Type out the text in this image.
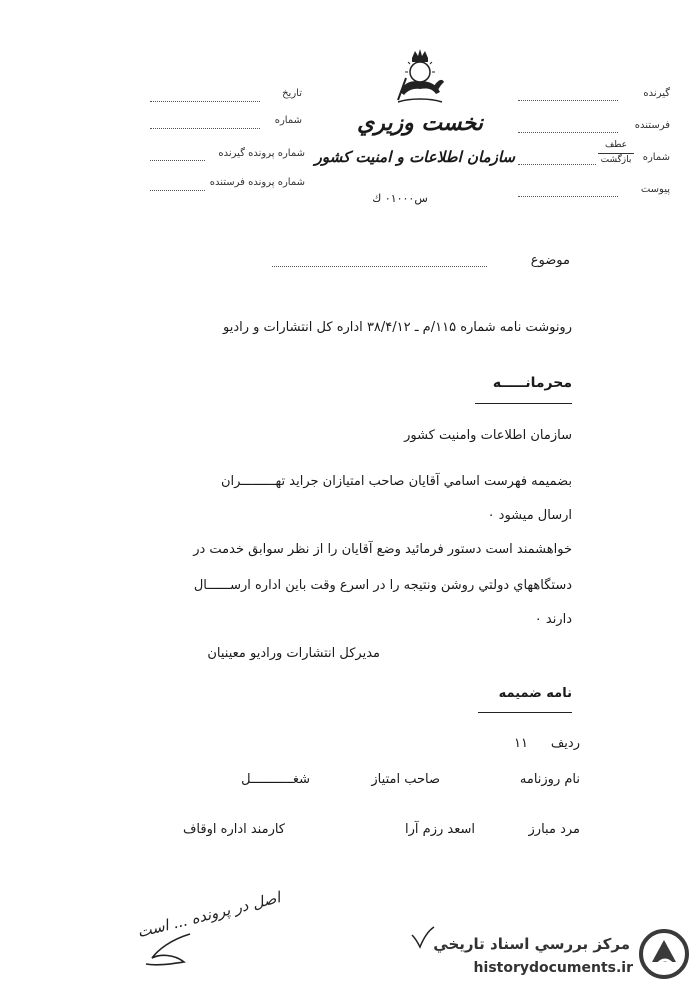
تاريخ
شماره
شماره پرونده گيرنده
شماره پرونده فرستنده
نخست وزيري
سازمان اطلاعات و امنيت كشور
س۰۱۰۰۰ ك
گيرنده
فرستنده
شماره
عطف
بازگشت
پيوست
موضوع
رونوشت نامه شماره ۱۱۵/م ـ ۳۸/۴/۱۲ اداره كل انتشارات و راديو
محرمانـــــه
سازمان اطلاعات وامنيت كشور
بضميمه فهرست اسامي آقايان صاحب امتيازان جرايد تهـــــــــران
ارسال ميشود ۰
خواهشمند است دستور فرمائيد وضع آقايان را از نظر سوابق خدمت در
دستگاههاي دولتي روشن ونتيجه را در اسرع وقت باين اداره ارســــــال
دارند ۰
مديركل انتشارات وراديو معينيان
نامه ضميمه
رديف
۱۱
نام روزنامه
صاحب امتياز
شغـــــــــــل
مرد مبارز
اسعد رزم آرا
كارمند اداره اوقاف
اصل در پرونده ... است
مركز بررسي اسناد تاريخي
historydocuments.ir
